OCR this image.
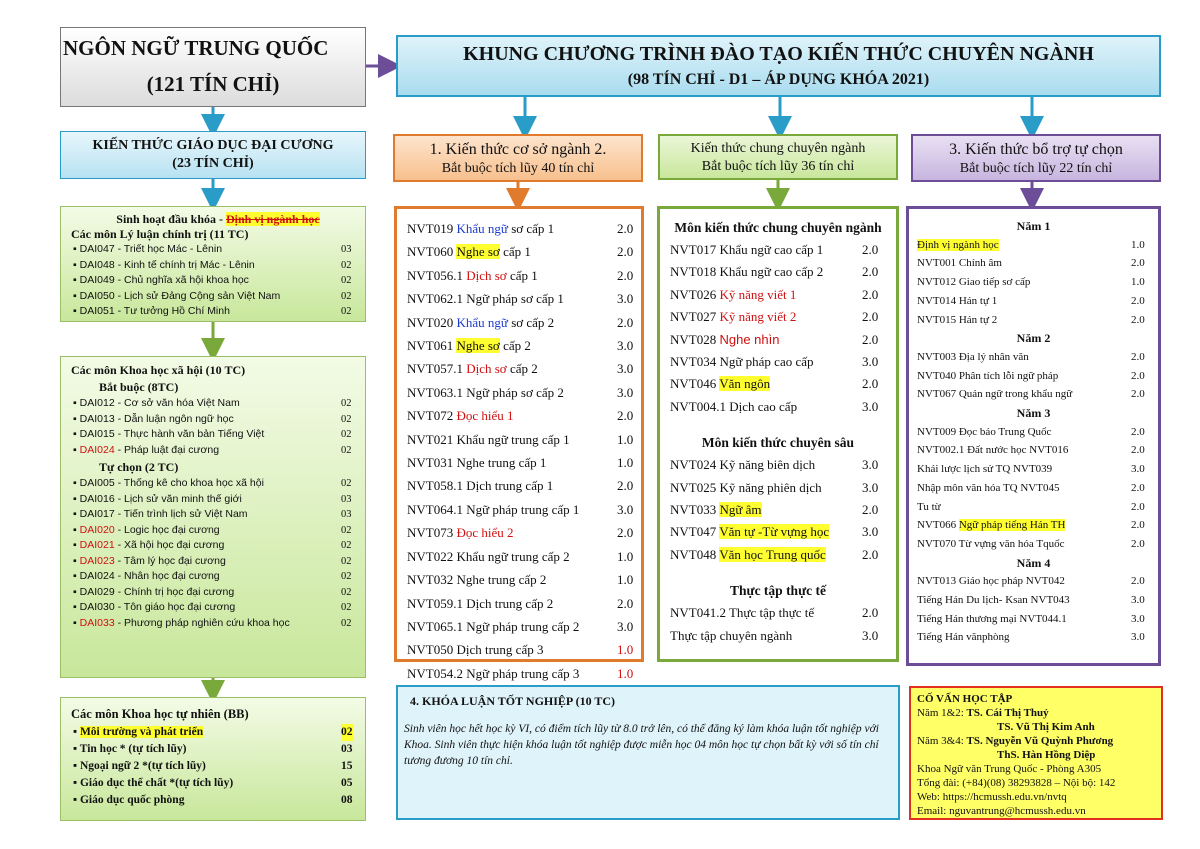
NGÔN NGỮ TRUNG QUỐC
(121 TÍN CHỈ)
KHUNG CHƯƠNG TRÌNH ĐÀO TẠO KIẾN THỨC CHUYÊN NGÀNH
(98 TÍN CHỈ - D1 – ÁP DỤNG KHÓA 2021)
KIẾN THỨC GIÁO DỤC ĐẠI CƯƠNG
(23 TÍN CHỈ)
Sinh hoạt đầu khóa - Định vị ngành học
Các môn Lý luận chính trị (11 TC)
▪ DAI047 - Triết học Mác - Lênin	03
▪ DAI048 - Kinh tế chính trị Mác - Lênin	02
▪ DAI049 - Chủ nghĩa xã hội khoa học	02
▪ DAI050 - Lịch sử Đảng Cộng sản Việt Nam	02
▪ DAI051 - Tư tưởng Hồ Chí Minh	02
Các môn Khoa học xã hội (10 TC)
Bắt buộc (8TC)
▪ DAI012 - Cơ sở văn hóa Việt Nam	02
▪ DAI013 - Dẫn luận ngôn ngữ học	02
▪ DAI015 - Thực hành văn bản Tiếng Việt	02
▪ DAI024 - Pháp luật đại cương	02
Tự chọn (2 TC)
▪ DAI005 - Thống kê cho khoa học xã hội	02
▪ DAI016 - Lịch sử văn minh thế giới	03
▪ DAI017 - Tiến trình lịch sử Việt Nam	03
▪ DAI020 - Logic học đại cương	02
▪ DAI021 - Xã hội học đại cương	02
▪ DAI023 - Tâm lý học đại cương	02
▪ DAI024 - Nhân học đại cương	02
▪ DAI029 - Chính trị học đại cương	02
▪ DAI030 - Tôn giáo học đại cương	02
▪ DAI033 - Phương pháp nghiên cứu khoa học	02
Các môn Khoa học tự nhiên (BB)
▪ Môi trường và phát triển	02
▪ Tin học * (tự tích lũy)	03
▪ Ngoại ngữ 2 *(tự tích lũy)	15
▪ Giáo dục thể chất *(tự tích lũy)	05
▪ Giáo dục quốc phòng	08
1. Kiến thức cơ sở ngành 2.
Bắt buộc tích lũy 40 tín chỉ
Kiến thức chung chuyên ngành
Bắt buộc tích lũy 36 tín chỉ
3. Kiến thức bổ trợ tự chọn
Bắt buộc tích lũy 22 tín chỉ
NVT019 Khẩu ngữ sơ cấp 1	2.0
NVT060 Nghe sơ cấp 1	2.0
NVT056.1 Dịch sơ cấp 1	2.0
NVT062.1 Ngữ pháp sơ cấp 1	3.0
NVT020 Khẩu ngữ sơ cấp 2	2.0
NVT061 Nghe sơ cấp 2	3.0
NVT057.1 Dịch sơ cấp 2	3.0
NVT063.1 Ngữ pháp sơ cấp 2	3.0
NVT072 Đọc hiểu 1	2.0
NVT021 Khẩu ngữ trung cấp 1	1.0
NVT031 Nghe trung cấp 1	1.0
NVT058.1 Dịch trung cấp 1	2.0
NVT064.1 Ngữ pháp trung cấp 1	3.0
NVT073 Đọc hiểu 2	2.0
NVT022 Khẩu ngữ trung cấp 2	1.0
NVT032 Nghe trung cấp 2	1.0
NVT059.1 Dịch trung cấp 2	2.0
NVT065.1 Ngữ pháp trung cấp 2	3.0
NVT050 Dịch trung cấp 3	1.0
NVT054.2 Ngữ pháp trung cấp 3	1.0
Môn kiến thức chung chuyên ngành
NVT017 Khẩu ngữ cao cấp 1	2.0
NVT018 Khẩu ngữ cao cấp 2	2.0
NVT026 Kỹ năng viết 1	2.0
NVT027 Kỹ năng viết 2	2.0
NVT028 Nghe nhìn	2.0
NVT034 Ngữ pháp cao cấp	3.0
NVT046 Văn ngôn	2.0
NVT004.1 Dịch cao cấp	3.0
Môn kiến thức chuyên sâu
NVT024 Kỹ năng biên dịch	3.0
NVT025 Kỹ năng phiên dịch	3.0
NVT033 Ngữ âm	2.0
NVT047 Văn tự -Từ vựng học	3.0
NVT048 Văn học Trung quốc	2.0
Thực tập thực tế
NVT041.2 Thực tập thực tế	2.0
Thực tập chuyên ngành	3.0
Năm 1
Định vị ngành học	1.0
NVT001 Chính âm	2.0
NVT012 Giao tiếp sơ cấp	1.0
NVT014 Hán tự 1	2.0
NVT015 Hán tự 2	2.0
Năm 2
NVT003 Địa lý nhân văn	2.0
NVT040 Phân tích lỗi ngữ pháp	2.0
NVT067 Quán ngữ trong khẩu ngữ	2.0
Năm 3
NVT009 Đọc báo Trung Quốc	2.0
NVT002.1 Đất nước học NVT016	2.0
Khái lược lịch sử TQ NVT039	3.0
Nhập môn văn hóa TQ NVT045	2.0
Tu từ	2.0
NVT066 Ngữ pháp tiếng Hán TH	2.0
NVT070 Từ vựng văn hóa Tquốc	2.0
Năm 4
NVT013 Giáo học pháp NVT042	2.0
Tiếng Hán Du lịch- Ksan NVT043	3.0
Tiếng Hán thương mại NVT044.1	3.0
Tiếng Hán vănphòng	3.0
4. KHÓA LUẬN TỐT NGHIỆP (10 TC)
Sinh viên học hết học kỳ VI, có điểm tích lũy từ 8.0 trở lên, có thể đăng ký làm khóa luận tốt nghiệp với Khoa. Sinh viên thực hiện khóa luận tốt nghiệp được miễn học 04 môn học tự chọn bất kỳ với số tín chỉ tương đương 10 tín chỉ.
CỐ VẤN HỌC TẬP
Năm 1&2: TS. Cái Thị Thuỷ
TS. Vũ Thị Kim Anh
Năm 3&4: TS. Nguyễn Vũ Quỳnh Phương
ThS. Hàn Hồng Diệp
Khoa Ngữ văn Trung Quốc - Phòng A305
Tổng đài: (+84)(08) 38293828 – Nội bộ: 142
Web: https://hcmussh.edu.vn/nvtq
Email: nguvantrung@hcmussh.edu.vn
